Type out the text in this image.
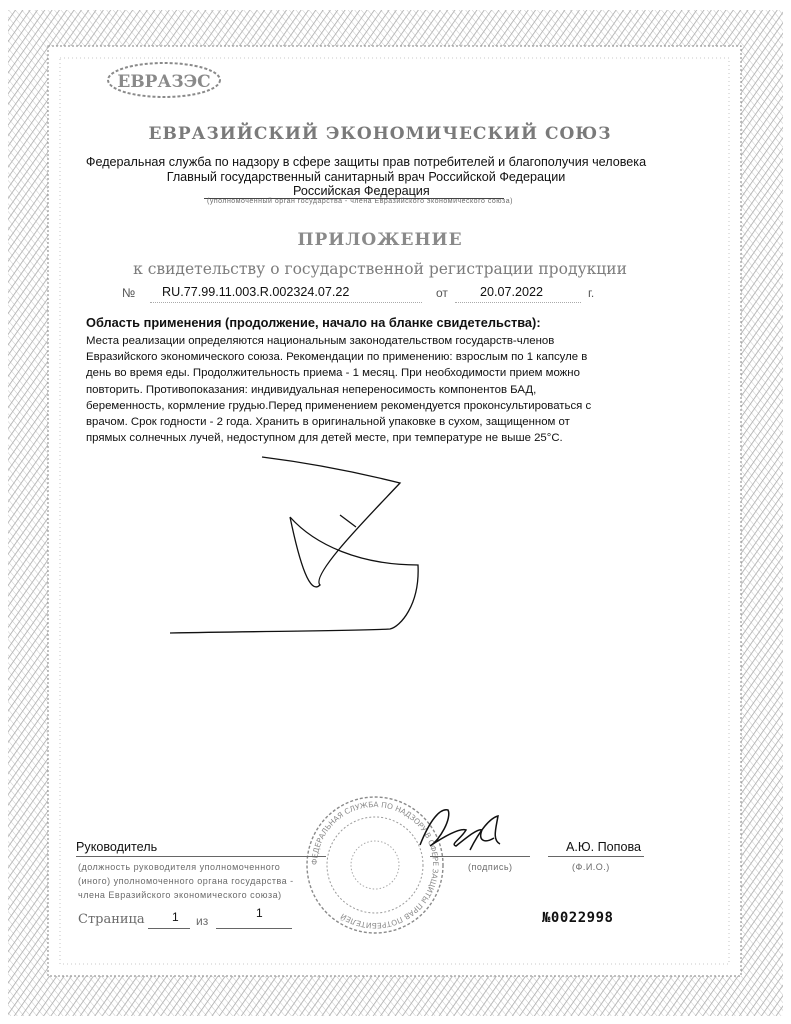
ЕВРАЗЭС
ЕВРАЗИЙСКИЙ ЭКОНОМИЧЕСКИЙ СОЮЗ
Федеральная служба по надзору в сфере защиты прав потребителей и благополучия человека
Главный государственный санитарный врач Российской Федерации
Российская Федерация
(уполномоченный орган государства - члена Евразийского экономического союза)
ПРИЛОЖЕНИЕ
к свидетельству о государственной регистрации продукции
№ RU.77.99.11.003.R.002324.07.22	от	20.07.2022	г.
Область применения (продолжение, начало на бланке свидетельства):
Места реализации определяются национальным законодательством государств-членов
Евразийского экономического союза. Рекомендации по применению: взрослым по 1 капсуле в
день во время еды. Продолжительность приема - 1 месяц. При необходимости прием можно
повторить. Противопоказания: индивидуальная непереносимость компонентов БАД,
беременность, кормление грудью.Перед применением рекомендуется проконсультироваться с
врачом. Срок годности - 2 года. Хранить в оригинальной упаковке в сухом, защищенном от
прямых солнечных лучей, недоступном для детей месте, при температуре не выше 25°C.
ФЕДЕРАЛЬНАЯ СЛУЖБА ПО НАДЗОРУ В СФЕРЕ ЗАЩИТЫ ПРАВ ПОТРЕБИТЕЛЕЙ
Руководитель
(должность руководителя уполномоченного
(иного) уполномоченного органа государства -
члена Евразийского экономического союза)
(подпись)
А.Ю. Попова
(Ф.И.О.)
Страница 1 из
1	№0022998
